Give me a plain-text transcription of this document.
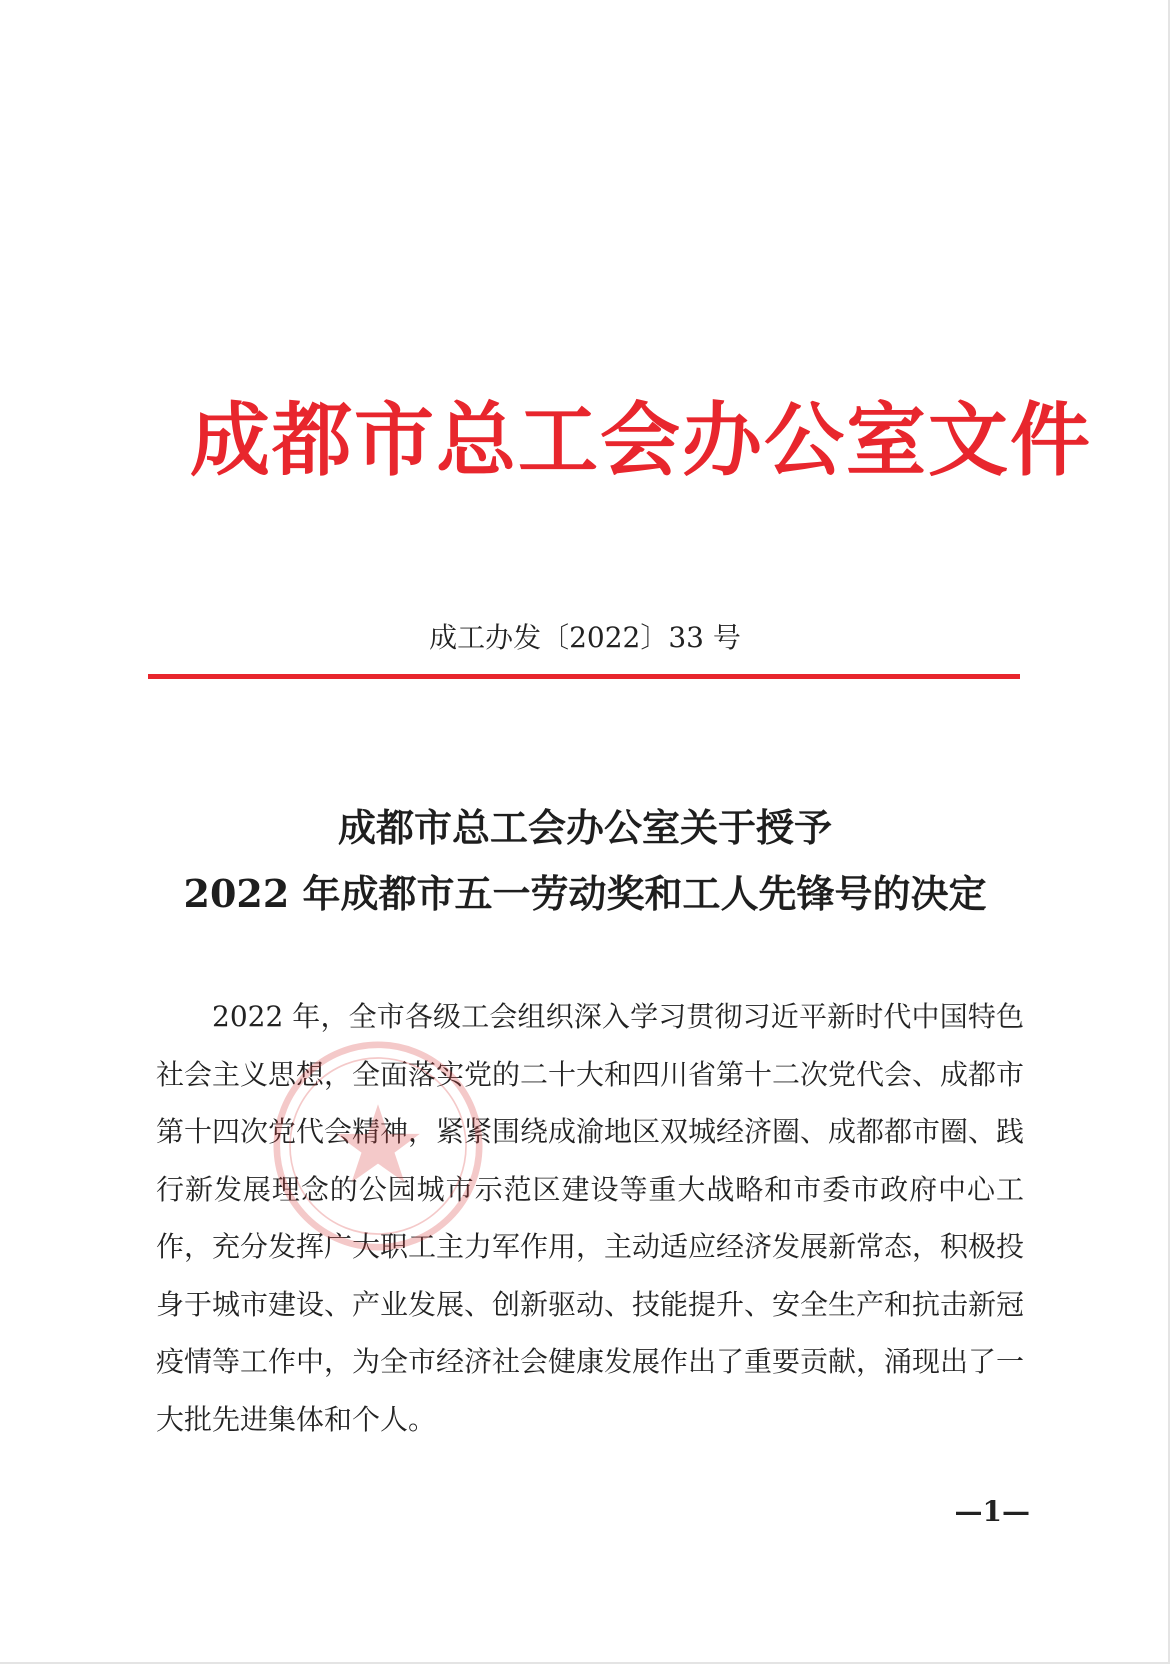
成都市总工会办公室文件
成工办发〔2022〕33 号
成都市总工会办公室关于授予
2022 年成都市五一劳动奖和工人先锋号的决定

2022 年，全市各级工会组织深入学习贯彻习近平新时代中国特色社会主义思想，全面落实党的二十大和四川省第十二次党代会、成都市第十四次党代会精神，紧紧围绕成渝地区双城经济圈、成都都市圈、践行新发展理念的公园城市示范区建设等重大战略和市委市政府中心工作，充分发挥广大职工主力军作用，主动适应经济发展新常态，积极投身于城市建设、产业发展、创新驱动、技能提升、安全生产和抗击新冠疫情等工作中，为全市经济社会健康发展作出了重要贡献，涌现出了一大批先进集体和个人。

—1—
